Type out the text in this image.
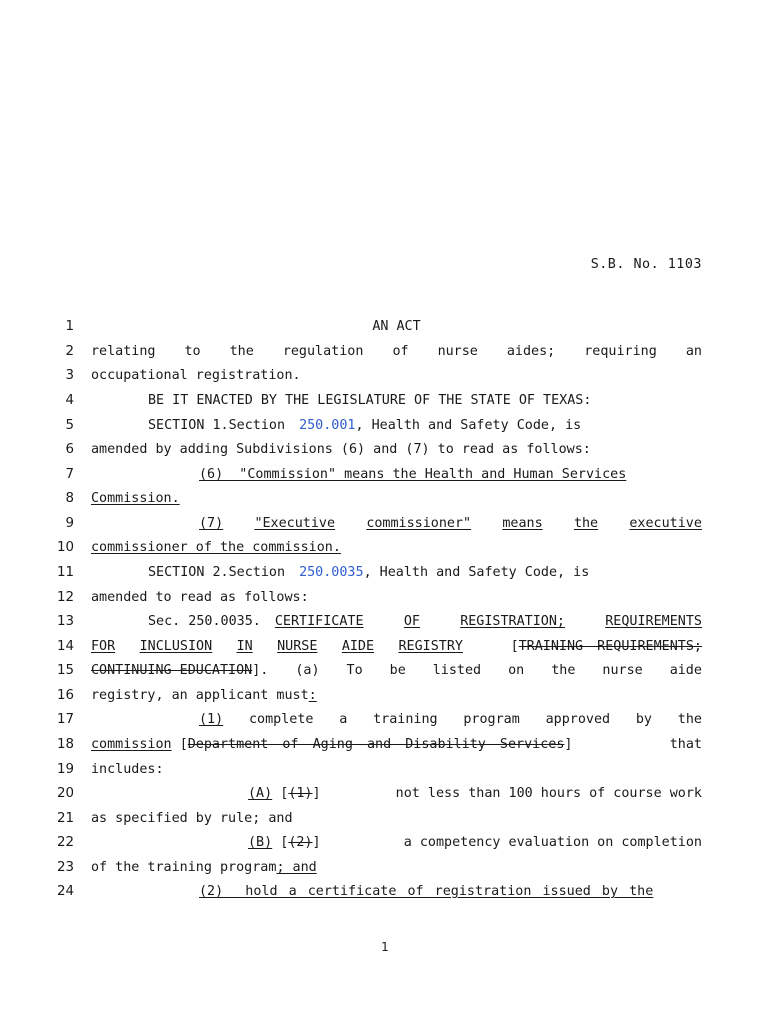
S.B. No. 1103
1
2
3
4
5
6
7
8
9
10
11
12
13
14
15
16
17
18
19
20
21
22
23
24
AN ACT
relating to the regulation of nurse aides; requiring an
occupational registration.
BE IT ENACTED BY THE LEGISLATURE OF THE STATE OF TEXAS:
SECTION 1. Section 250.001, Health and Safety Code, is
amended by adding Subdivisions (6) and (7) to read as follows:
(6)  "Commission" means the Health and Human Services
Commission.
(7) "Executive commissioner" means the executive
commissioner of the commission.
SECTION 2. Section	250.0035, Health and Safety Code, is
amended to read as follows:
Sec. 250.0035. CERTIFICATE	OF	REGISTRATION;	REQUIREMENTS
FOR INCLUSION IN NURSE AIDE REGISTRY	[TRAINING REQUIREMENTS;
CONTINUING EDUCATION]. (a) To be listed on the nurse aide
registry, an applicant must:
(1) complete a training program approved by the
commission [Department of Aging and Disability Services]	that
includes:
(A) [(1)]	not less than 100 hours of course work
as specified by rule; and
(B) [(2)]	a competency evaluation on completion
of the training program; and
(2)  hold a certificate of registration issued by the
1
